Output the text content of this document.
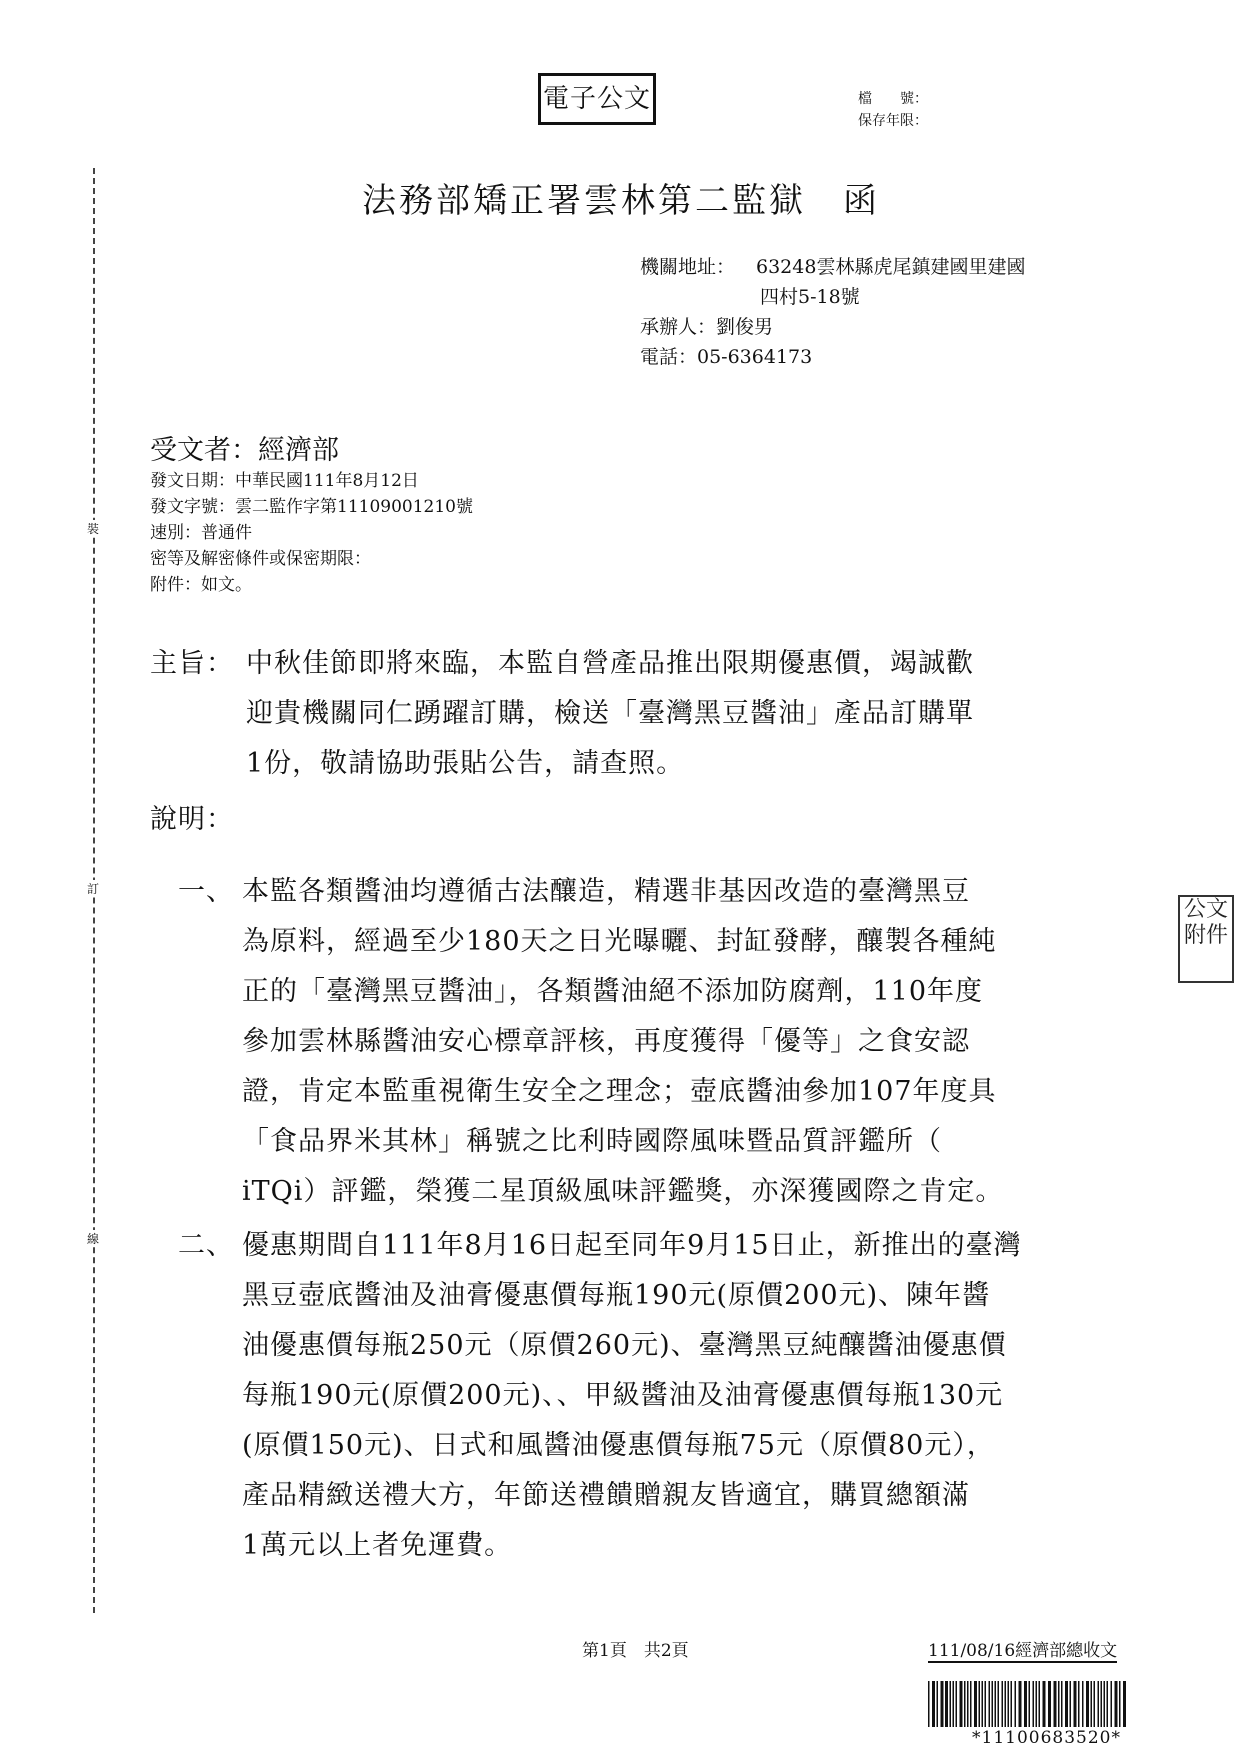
裝
訂
線
電子公文	檔　　號：
保存年限：
法務部矯正署雲林第二監獄　函
機關地址： 63248雲林縣虎尾鎮建國里建國
四村5-18號
承辦人：劉俊男
電話：05-6364173
受文者：經濟部
發文日期：中華民國111年8月12日
發文字號：雲二監作字第11109001210號
速別：普通件
密等及解密條件或保密期限：
附件：如文。
主旨： 中秋佳節即將來臨，本監自營產品推出限期優惠價，竭誠歡
迎貴機關同仁踴躍訂購，檢送「臺灣黑豆醬油」產品訂購單
1份，敬請協助張貼公告，請查照。
說明：
一、 本監各類醬油均遵循古法釀造，精選非基因改造的臺灣黑豆
為原料，經過至少180天之日光曝曬、封缸發酵，釀製各種純
正的「臺灣黑豆醬油」，各類醬油絕不添加防腐劑，110年度
參加雲林縣醬油安心標章評核，再度獲得「優等」之食安認
證，肯定本監重視衛生安全之理念；壺底醬油參加107年度具
「食品界米其林」稱號之比利時國際風味暨品質評鑑所（
iTQi）評鑑，榮獲二星頂級風味評鑑獎，亦深獲國際之肯定。
二、 優惠期間自111年8月16日起至同年9月15日止，新推出的臺灣
黑豆壺底醬油及油膏優惠價每瓶190元(原價200元)、陳年醬
油優惠價每瓶250元（原價260元)、臺灣黑豆純釀醬油優惠價
每瓶190元(原價200元)、、甲級醬油及油膏優惠價每瓶130元
(原價150元)、日式和風醬油優惠價每瓶75元（原價80元），
產品精緻送禮大方，年節送禮饋贈親友皆適宜，購買總額滿
1萬元以上者免運費。
公文
附件
第1頁　共2頁	111/08/16經濟部總收文
*11100683520*
